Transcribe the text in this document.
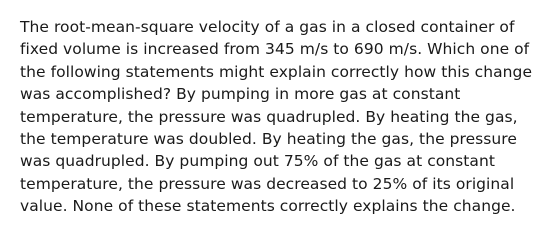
The root-mean-square velocity of a gas in a closed container of fixed volume is increased from 345 m/s to 690 m/s. Which one of the following statements might explain correctly how this change was accomplished? By pumping in more gas at constant temperature, the pressure was quadrupled. By heating the gas, the temperature was doubled. By heating the gas, the pressure was quadrupled. By pumping out 75% of the gas at constant temperature, the pressure was decreased to 25% of its original value. None of these statements correctly explains the change.
